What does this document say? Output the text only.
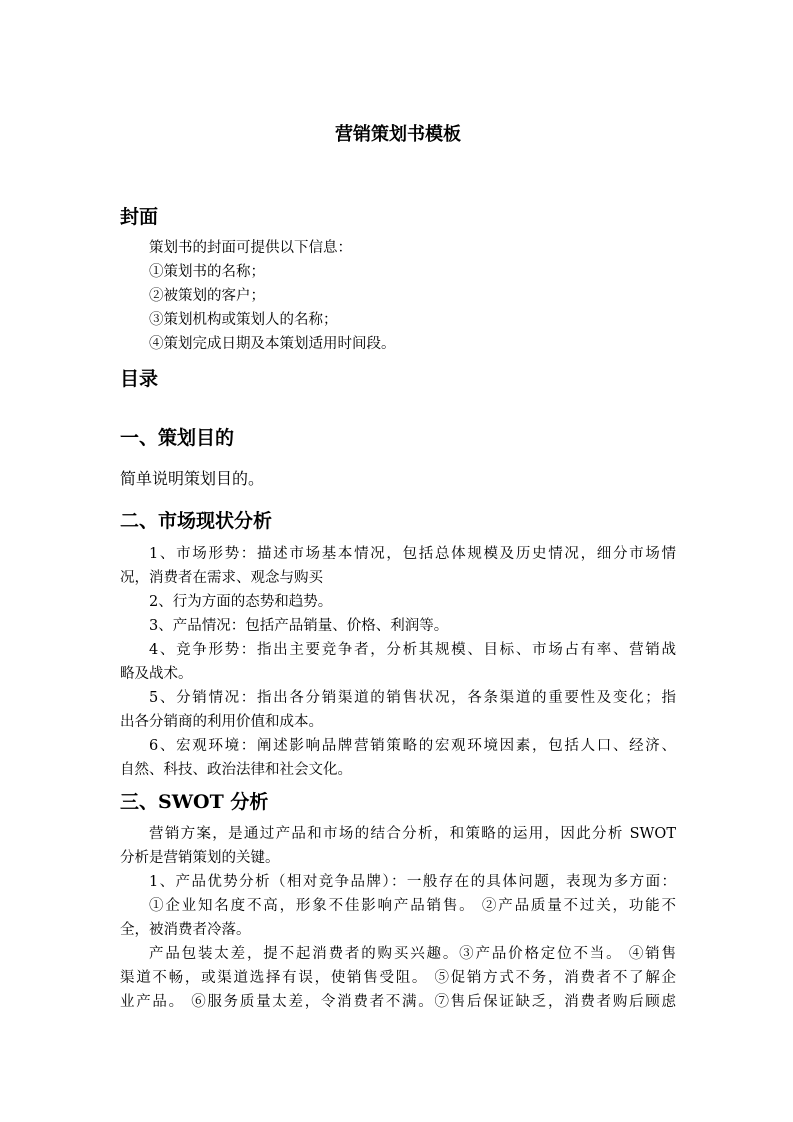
营销策划书模板
封面
策划书的封面可提供以下信息：
①策划书的名称；
②被策划的客户；
③策划机构或策划人的名称；
④策划完成日期及本策划适用时间段。
目录
一、策划目的
简单说明策划目的。
二、市场现状分析
1、市场形势：描述市场基本情况，包括总体规模及历史情况，细分市场情
况，消费者在需求、观念与购买
2、行为方面的态势和趋势。
3、产品情况：包括产品销量、价格、利润等。
4、竞争形势：指出主要竞争者，分析其规模、目标、市场占有率、营销战
略及战术。
5、分销情况：指出各分销渠道的销售状况，各条渠道的重要性及变化；指
出各分销商的利用价值和成本。
6、宏观环境：阐述影响品牌营销策略的宏观环境因素，包括人口、经济、
自然、科技、政治法律和社会文化。
三、SWOT 分析
营销方案，是通过产品和市场的结合分析，和策略的运用，因此分析 SWOT
分析是营销策划的关键。
1、产品优势分析（相对竞争品牌）：一般存在的具体问题，表现为多方面：
①企业知名度不高，形象不佳影响产品销售。 ②产品质量不过关，功能不
全，被消费者冷落。
产品包装太差，提不起消费者的购买兴趣。③产品价格定位不当。 ④销售
渠道不畅，或渠道选择有误，使销售受阻。 ⑤促销方式不务，消费者不了解企
业产品。 ⑥服务质量太差，令消费者不满。⑦售后保证缺乏，消费者购后顾虑
